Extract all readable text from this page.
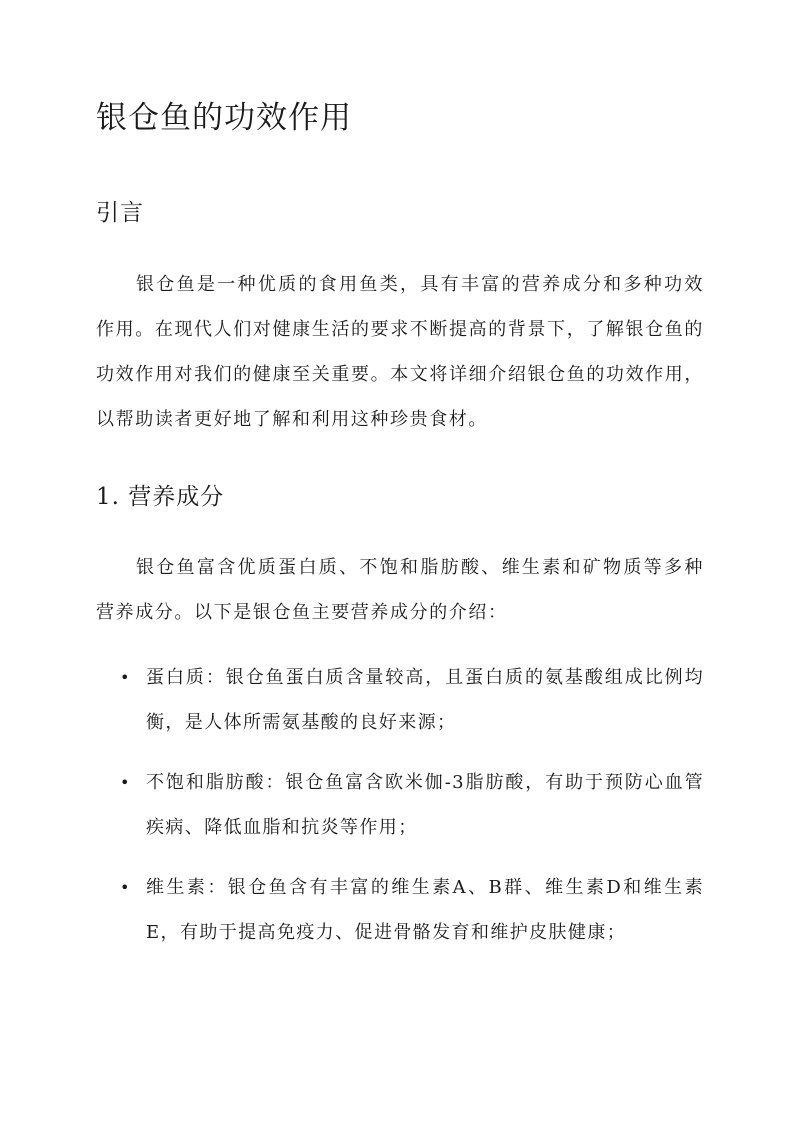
银仓鱼的功效作用
引言

银仓鱼是一种优质的食用鱼类，具有丰富的营养成分和多种功效作用。在现代人们对健康生活的要求不断提高的背景下，了解银仓鱼的功效作用对我们的健康至关重要。本文将详细介绍银仓鱼的功效作用，以帮助读者更好地了解和利用这种珍贵食材。

1. 营养成分

银仓鱼富含优质蛋白质、不饱和脂肪酸、维生素和矿物质等多种营养成分。以下是银仓鱼主要营养成分的介绍：

• 蛋白质：银仓鱼蛋白质含量较高，且蛋白质的氨基酸组成比例均衡，是人体所需氨基酸的良好来源；
• 不饱和脂肪酸：银仓鱼富含欧米伽-3脂肪酸，有助于预防心血管疾病、降低血脂和抗炎等作用；
• 维生素：银仓鱼含有丰富的维生素A、B群、维生素D和维生素E，有助于提高免疫力、促进骨骼发育和维护皮肤健康；
